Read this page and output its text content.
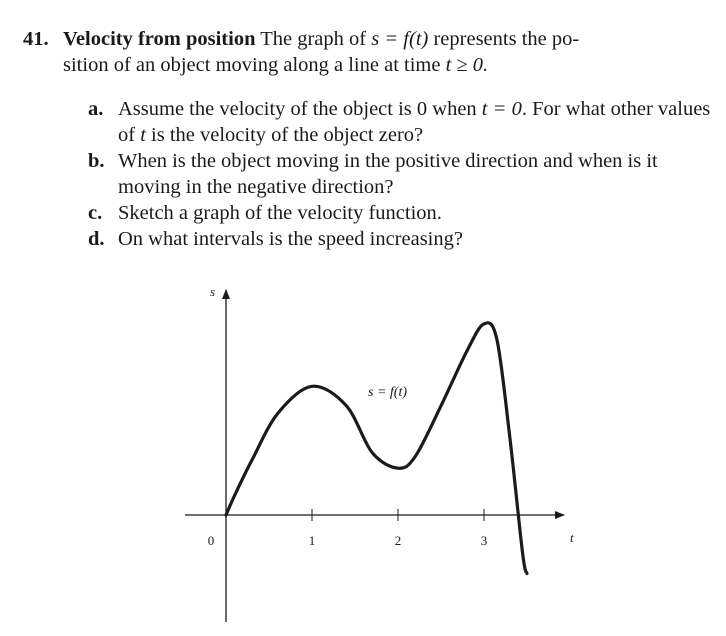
41. Velocity from position The graph of s = f(t) represents the po-
sition of an object moving along a line at time t ≥ 0.

a. Assume the velocity of the object is 0 when t = 0. For what other values of t is the velocity of the object zero?

b. When is the object moving in the positive direction and when is it moving in the negative direction?

c. Sketch a graph of the velocity function.

d. On what intervals is the speed increasing?

s
t
0	1	2	3
s = f(t)
